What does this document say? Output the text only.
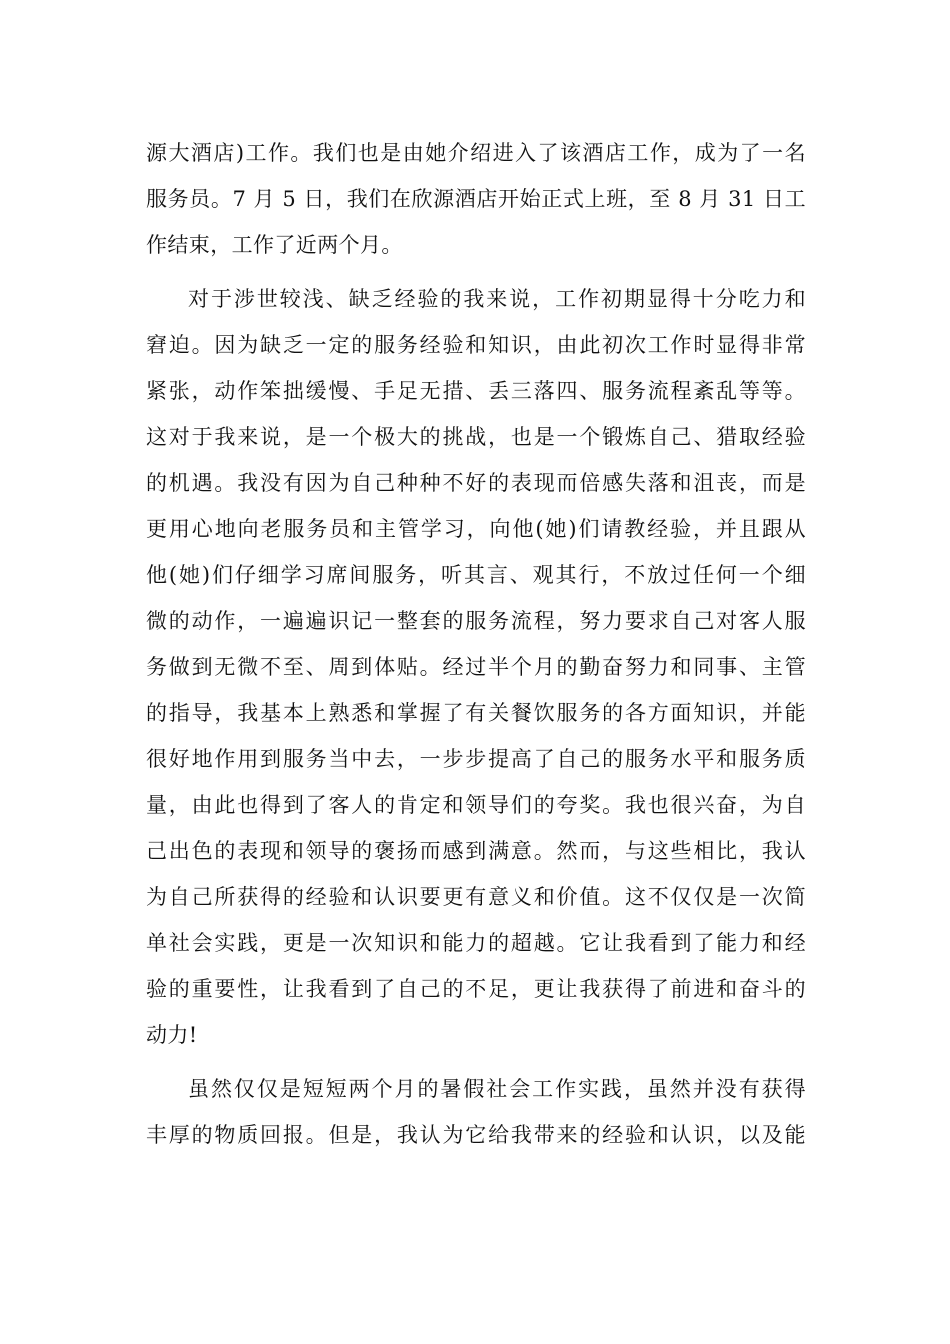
源大酒店)工作。我们也是由她介绍进入了该酒店工作，成为了一名
服务员。7 月 5 日，我们在欣源酒店开始正式上班，至 8 月 31 日工
作结束，工作了近两个月。
对于涉世较浅、缺乏经验的我来说，工作初期显得十分吃力和
窘迫。因为缺乏一定的服务经验和知识，由此初次工作时显得非常
紧张，动作笨拙缓慢、手足无措、丢三落四、服务流程紊乱等等。
这对于我来说，是一个极大的挑战，也是一个锻炼自己、猎取经验
的机遇。我没有因为自己种种不好的表现而倍感失落和沮丧，而是
更用心地向老服务员和主管学习，向他(她)们请教经验，并且跟从
他(她)们仔细学习席间服务，听其言、观其行，不放过任何一个细
微的动作，一遍遍识记一整套的服务流程，努力要求自己对客人服
务做到无微不至、周到体贴。经过半个月的勤奋努力和同事、主管
的指导，我基本上熟悉和掌握了有关餐饮服务的各方面知识，并能
很好地作用到服务当中去，一步步提高了自己的服务水平和服务质
量，由此也得到了客人的肯定和领导们的夸奖。我也很兴奋，为自
己出色的表现和领导的褒扬而感到满意。然而，与这些相比，我认
为自己所获得的经验和认识要更有意义和价值。这不仅仅是一次简
单社会实践，更是一次知识和能力的超越。它让我看到了能力和经
验的重要性，让我看到了自己的不足，更让我获得了前进和奋斗的
动力!
虽然仅仅是短短两个月的暑假社会工作实践，虽然并没有获得
丰厚的物质回报。但是，我认为它给我带来的经验和认识，以及能
